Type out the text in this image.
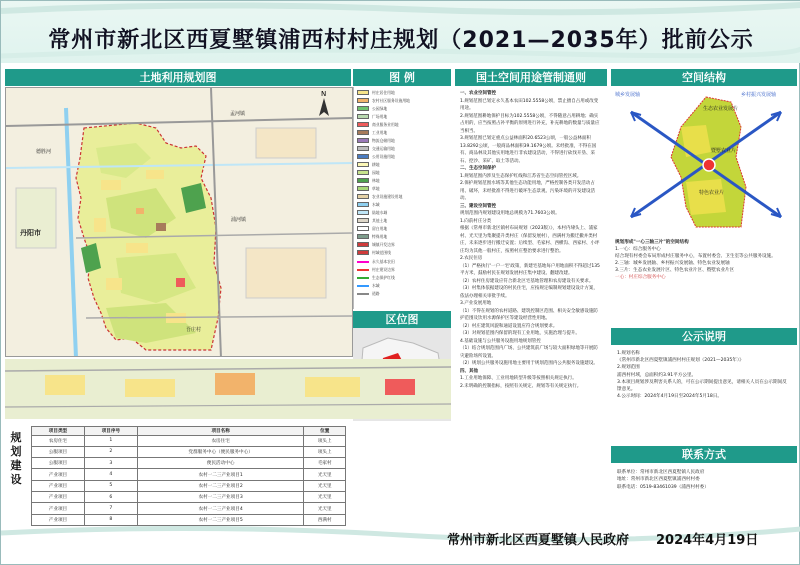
常州市新北区西夏墅镇浦西村村庄规划（2021—2035年）批前公示
土地利用规划图	图 例	国土空间用途管制通则	空间结构
区位图
公示说明
联系方式
N
丹阳市
孟河镇
浦河镇
吾庄村
德胜河
村庄居住用地
农村社区服务设施用地
公园绿地
广场用地
商业服务业用地
工业用地
物流仓储用地
交通运输用地
公用设施用地
耕地
园地
林地
草地
农业设施建设用地
水域
陆地水域
其他土地
留白用地
特殊用地
城镇开发边界
村域范围线
永久基本农田
村庄建设边界
生态保护红线
水域
道路
规划建设
项目类型	项目序号	项目名称	位置
农房住宅	1	农房住宅	项头上
公服项目	2	党群服务中心（便民服务中心）	项头上
公服项目	3	便民活动中心	毛家村
产业项目	4	农村一二三产业项目1	光天里
产业项目	5	农村一二三产业项目2	光天里
产业项目	6	农村一二三产业项目3	光天里
产业项目	7	农村一二三产业项目4	光天里
产业项目	8	农村一二三产业项目5	西满村

一、农业空间管控

1.规划范围已划定永久基本农田102.5558公顷，禁止擅自占用或改变用途。

2.规划范围耕地保护目标为102.5558公顷，不得随意占用耕地；确实占用的，应当按照占补平衡的原则进行补充，补充耕地的数量与质量应当相当。

3.规划范围已划定重点公益林面积20.6523公顷，一般公益林面积13.8292公顷，一般商品林面积39.1679公顷。未经批准，不得在国有、商品林及其他实用地进行非农建设活动，不得进行砍伐开垦、采石、挖沙、采矿、取土等活动。

二、生态空间保护

1.规划范围内涉及生态保护红线和江苏省生态空间管控区域。

2.保护规划范围水域等其他生态功能用地，严格控制各类开发活动占用、破坏，未经批准不得进行破坏生态景观、污染环境的开发建设活动。

三、建设空间管控

规划范围内规划建设用地总规模为71.7603公顷。

1.向前村庄分类

根据《常州市新北区镇村布局规划（2023版）》，本村内埭头上、浦家村、光天里为集聚提升类村庄（保留发展村），西满村为搬迁撤并类村庄，未来逐步进行搬迁安置；后续型、毛家村、西横沟、西家村、小坪庄均为其他一般村庄，按照村庄整治要求进行整治。

2.农民住房

（1）严格执行'一户一宅'政策，新建宅基地每户用地面积不得超过135平方米，鼓励村民在规划发展村庄集中建设、翻建改建。

（2）农村住房建设应符合新北区宅基地管理和农房建设有关要求。

（3）村集体依据建设的村民住宅，应按规定编制规划建设设计方案，依法办理相关审批手续。

3.产业发展用地

（1）不得在规划的农村道路、建筑控制区范围、相关安全敏感设施防护范围及饮用水源保护区等建设经营性用地。

（2）村庄建筑风貌和通道设置应符合规划要求。

（3）对规划范围内保留的现有工业用地，实施治理与提升。

4.基础设施与公共服务设施用地规划管控

（1）结合规划范围内广场、公共建筑前广场与较大面积绿地等开展防灾避险场所设置。

（2）规划公共服务设施用地主要用于规划范围内公共服务设施建设。

四、其他

1.工业用地保障、工业用地转型升级等按照相关规定执行。

2.未明确的控制指标，按照有关规定、规划等有关规定执行。

生态农业发展片
暨墅农业片
特色农业片
城乡发展轴	乡村振兴发展轴
规划形成"一心三轴三片"的空间结构
1.一心：综合服务中心
结合现有村委会布局形成村庄服务中心，布置村委会、卫生室等公共服务设施。
2.三轴：城乡发展轴、乡村振兴发展轴、特色农业发展轴
3.三片：生态农业发展片区、特色农业片区、暨墅农业片区
一心：村庄综合服务中心
1.规划名称
《常州市新北区西夏墅镇浦西村村庄规划（2021—2035年）》
2.规划范围
浦西村村域，总面积约3.91平方公里。
3.本项目规划涉及利害关系人的，可在公示期间提出意见，请相关人员在公示期间反馈意见。
4.公示时间：2024年4月19日至2024年5月18日。
联系单位：常州市新北区西夏墅镇人民政府
地址：常州市新北区西夏墅镇浦西村村委
联系电话：0519-83461039（浦西村村委）
常州市新北区西夏墅镇人民政府 2024年4月19日
